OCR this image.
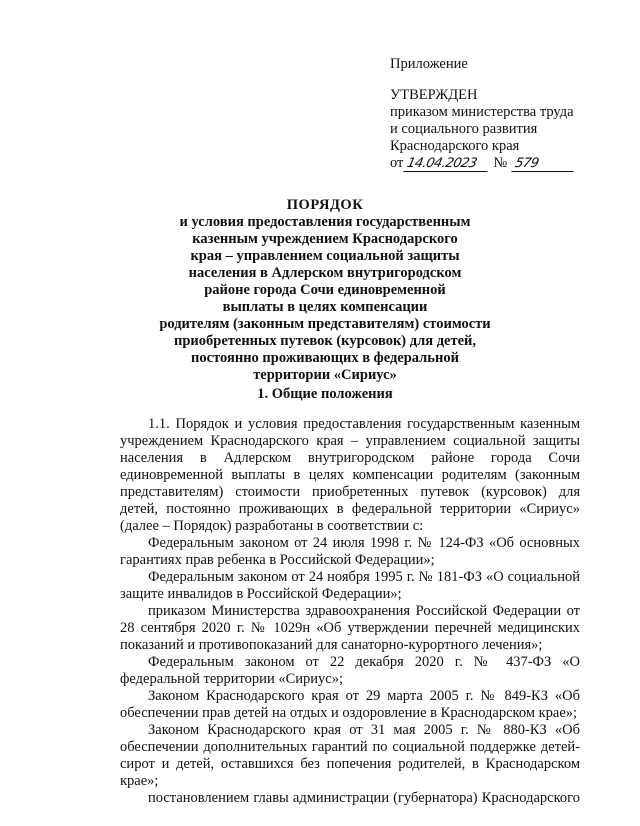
Приложение
УТВЕРЖДЕН
приказом министерства труда
и социального развития
Краснодарского края
от 14.04.2023	№ 579
ПОРЯДОК
и условия предоставления государственным
казенным учреждением Краснодарского
края – управлением социальной защиты
населения в Адлерском внутригородском
районе города Сочи единовременной
выплаты в целях компенсации
родителям (законным представителям) стоимости
приобретенных путевок (курсовок) для детей,
постоянно проживающих в федеральной
территории «Сириус»
1. Общие положения

1.1. Порядок и условия предоставления государственным казенным учреждением Краснодарского края – управлением социальной защиты населения в Адлерском внутригородском районе города Сочи единовременной выплаты в целях компенсации родителям (законным представителям) стоимости приобретенных путевок (курсовок) для детей, постоянно проживающих в федеральной территории «Сириус» (далее – Порядок) разработаны в соответствии с:

Федеральным законом от 24 июля 1998 г. № 124-ФЗ «Об основных гарантиях прав ребенка в Российской Федерации»;

Федеральным законом от 24 ноября 1995 г. № 181-ФЗ «О социальной защите инвалидов в Российской Федерации»;

приказом Министерства здравоохранения Российской Федерации от 28 сентября 2020 г. № 1029н «Об утверждении перечней медицинских показаний и противопоказаний для санаторно-курортного лечения»;

Федеральным законом от 22 декабря 2020 г. № 437-ФЗ «О федеральной территории «Сириус»;

Законом Краснодарского края от 29 марта 2005 г. № 849-КЗ «Об обеспечении прав детей на отдых и оздоровление в Краснодарском крае»;

Законом Краснодарского края от 31 мая 2005 г. № 880-КЗ «Об обеспечении дополнительных гарантий по социальной поддержке детей-сирот и детей, оставшихся без попечения родителей, в Краснодарском крае»;

постановлением главы администрации (губернатора) Краснодарского
